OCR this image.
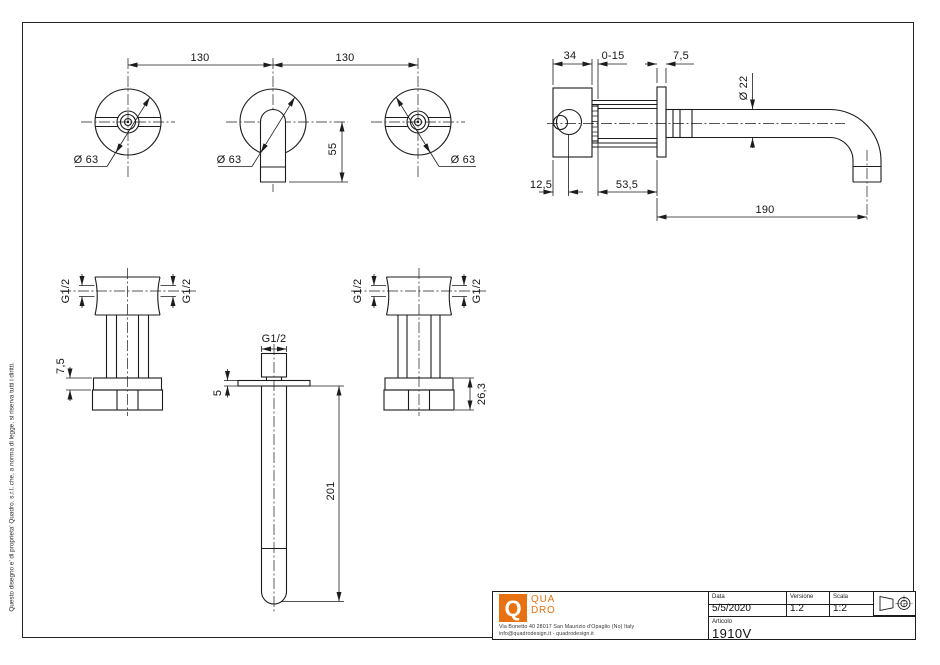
130	130
Ø 63	Ø 63	Ø 63
55
34 0-15	7,5
Ø 22
12,5	53,5
190
G1/2	G1/2
7,5
G1/2
5
201
G1/2	G1/2
26,3
Questo disegno e' di proprieta' Quadro. s.r.l. che, a norma di legge, si riserva tutti i diritti.	Q QUA
DRO
Via Bonetto 40 28017 San Maurizio d'Opaglio (No) Italy
info@quadrodesign.it - quadrodesign.it
Data
5/5/2020
Versione
1.2
Scala
1:2
Articolo
1910V
